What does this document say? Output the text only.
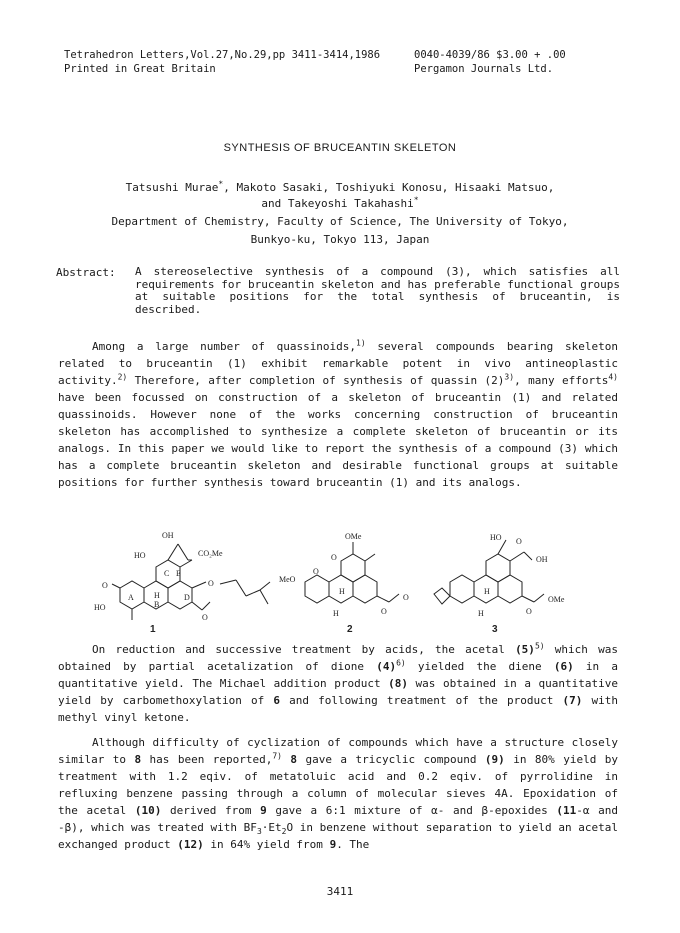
Tetrahedron Letters,Vol.27,No.29,pp 3411-3414,1986
Printed in Great Britain
0040-4039/86 $3.00 + .00
Pergamon Journals Ltd.
SYNTHESIS OF BRUCEANTIN SKELETON
Tatsushi Murae*, Makoto Sasaki, Toshiyuki Konosu, Hisaaki Matsuo,
and Takeyoshi Takahashi*
Department of Chemistry, Faculty of Science, The University of Tokyo,
Bunkyo-ku, Tokyo 113, Japan
Abstract: A stereoselective synthesis of a compound (3), which satisfies all requirements for bruceantin skeleton and has preferable functional groups at suitable positions for the total synthesis of bruceantin, is described.

Among a large number of quassinoids,$^{1)}$ several compounds bearing skeleton related to bruceantin (1) exhibit remarkable potent in vivo antineoplastic activity.$^{2)}$ Therefore, after completion of synthesis of quassin $(2)^{3)}$, many efforts$^{4)}$ have been focussed on construction of a skeleton of bruceantin (1) and related quassinoids. However none of the works concerning construction of bruceantin skeleton has accomplished to synthesize a complete skeleton of bruceantin or its analogs. In this paper we would like to report the synthesis of a compound (3) which has a complete bruceantin skeleton and desirable functional groups at suitable positions for further synthesis toward bruceantin (1) and its analogs.

OH
HO	CO₂Me
O
HO
A
B
C
D
E
H
O
O
1
OMe
O
MeO
O
H
H	O
O
2
HO O
OH
H
H	O
OMe
3

On reduction and successive treatment by acids, the acetal $(5)^{5)}$ which was obtained by partial acetalization of dione $(4)^{6)}$ yielded the diene (6) in a quantitative yield. The Michael addition product (8) was obtained in a quantitative yield by carbomethoxylation of 6 and following treatment of the product (7) with methyl vinyl ketone.

Although difficulty of cyclization of compounds which have a structure closely similar to 8 has been reported,$^{7)}$ 8 gave a tricyclic compound (9) in 80% yield by treatment with 1.2 eqiv. of metatoluic acid and 0.2 eqiv. of pyrrolidine in refluxing benzene passing through a column of molecular sieves 4A. Epoxidation of the acetal (10) derived from 9 gave a 6:1 mixture of α- and β-epoxides (11-α and -β), which was treated with $BF_3\cdot Et_2O$ in benzene without separation to yield an acetal exchanged product (12) in 64% yield from 9. The

3411
